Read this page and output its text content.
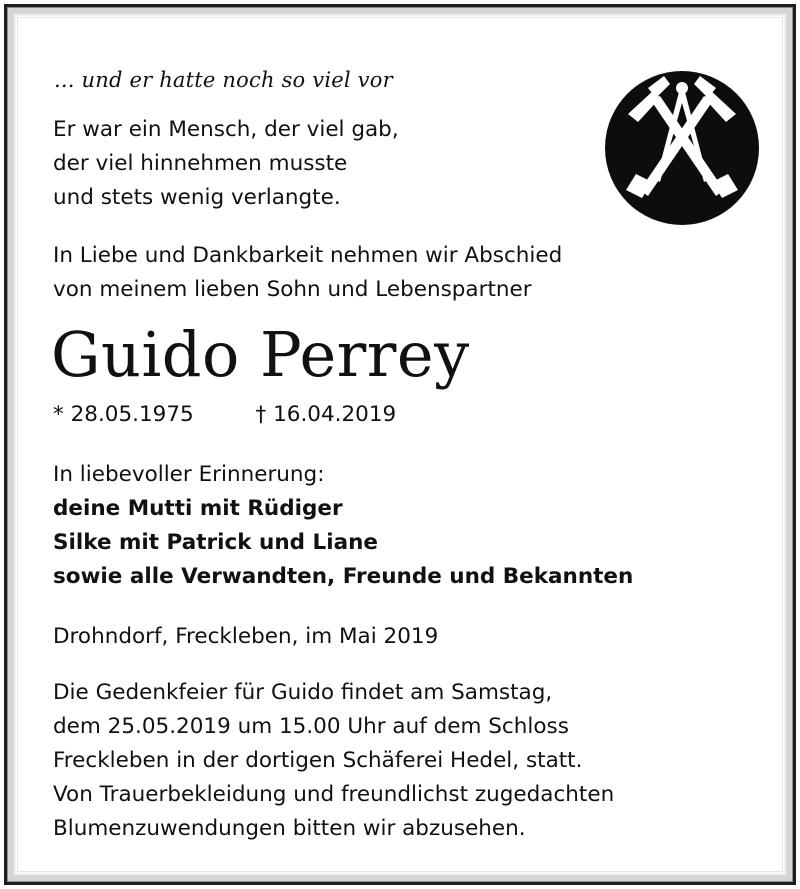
... und er hatte noch so viel vor

Er war ein Mensch, der viel gab,
der viel hinnehmen musste
und stets wenig verlangte.
In Liebe und Dankbarkeit nehmen wir Abschied
von meinem lieben Sohn und Lebenspartner
Guido Perrey
* 28.05.1975	† 16.04.2019
In liebevoller Erinnerung:
deine Mutti mit Rüdiger
Silke mit Patrick und Liane
sowie alle Verwandten, Freunde und Bekannten

Drohndorf, Freckleben, im Mai 2019

Die Gedenkfeier für Guido findet am Samstag,
dem 25.05.2019 um 15.00 Uhr auf dem Schloss
Freckleben in der dortigen Schäferei Hedel, statt.
Von Trauerbekleidung und freundlichst zugedachten
Blumenzuwendungen bitten wir abzusehen.
